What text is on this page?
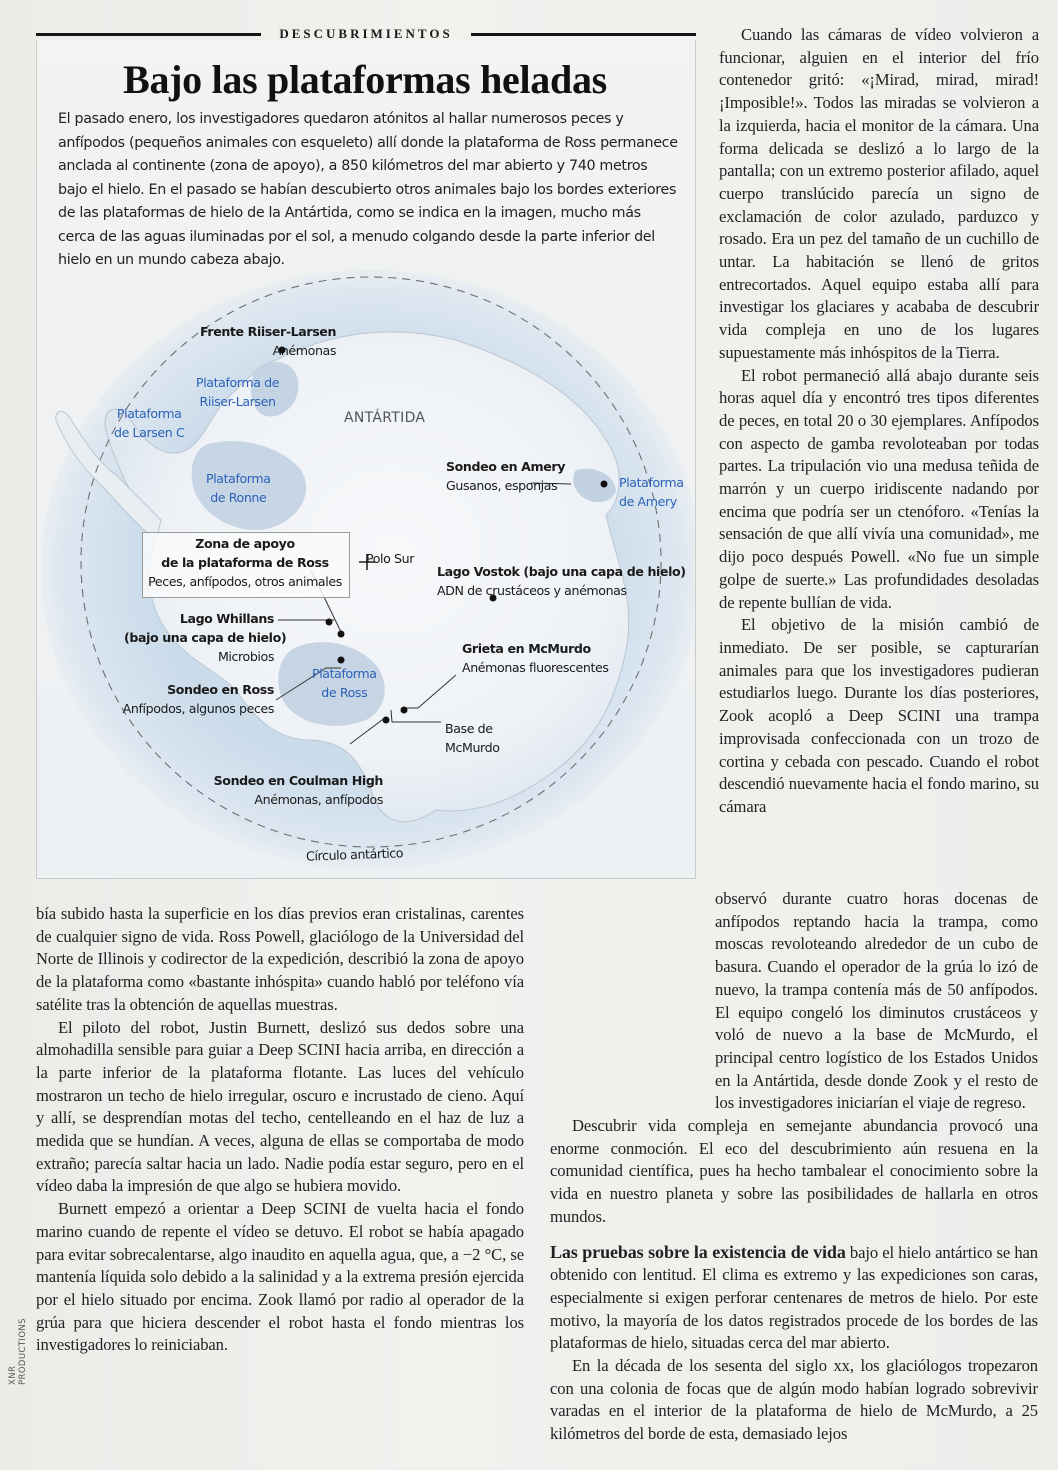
Cuando las cámaras de vídeo volvieron a funcionar, alguien en el interior del frío contenedor gritó: «¡Mirad, mirad, mirad! ¡Imposible!». Todos las miradas se volvieron a la izquierda, hacia el monitor de la cámara. Una forma delicada se deslizó a lo largo de la pantalla; con un extremo posterior afilado, aquel cuerpo translúcido parecía un signo de exclamación de color azulado, parduzco y rosado. Era un pez del tamaño de un cuchillo de untar. La habitación se llenó de gritos entrecortados. Aquel equipo estaba allí para investigar los glaciares y acababa de descubrir vida compleja en uno de los lugares supuestamente más inhóspitos de la Tierra.

El robot permaneció allá abajo durante seis horas aquel día y encontró tres tipos diferentes de peces, en total 20 o 30 ejemplares. Anfípodos con aspecto de gamba revoloteaban por todas partes. La tripulación vio una medusa teñida de marrón y un cuerpo iridiscente nadando por encima que podría ser un ctenóforo. «Tenías la sensación de que allí vivía una comunidad», me dijo poco después Powell. «No fue un simple golpe de suerte.» Las profundidades desoladas de repente bullían de vida.

El objetivo de la misión cambió de inmediato. De ser posible, se capturarían animales para que los investigadores pudieran estudiarlos luego. Durante los días posteriores, Zook acopló a Deep SCINI una trampa improvisada confeccionada con un trozo de cortina y cebada con pescado. Cuando el robot descendió nuevamente hacia el fondo marino, su cámara

DESCUBRIMIENTOS
Bajo las plataformas heladas
El pasado enero, los investigadores quedaron atónitos al hallar numerosos peces y anfípodos (pequeños animales con esqueleto) allí donde la plataforma de Ross permanece anclada al continente (zona de apoyo), a 850 kilómetros del mar abierto y 740 metros bajo el hielo. En el pasado se habían descubierto otros animales bajo los bordes exteriores de las plataformas de hielo de la Antártida, como se indica en la imagen, mucho más cerca de las aguas iluminadas por el sol, a menudo colgando desde la parte inferior del hielo en un mundo cabeza abajo.
Frente Riiser-Larsen
Anémonas
Plataforma de
Riiser-Larsen
Plataforma
de Larsen C
ANTÁRTIDA
Plataforma
de Ronne
Sondeo en Amery
Gusanos, esponjas	Plataforma
de Amery
Zona de apoyo
de la plataforma de Ross
Peces, anfípodos, otros animales
Polo Sur
Lago Vostok (bajo una capa de hielo)
ADN de crustáceos y anémonas
Lago Whillans
(bajo una capa de hielo)
Microbios
Grieta en McMurdo
Anémonas fluorescentes
Plataforma
de Ross
Sondeo en Ross
Anfípodos, algunos peces
Base de
McMurdo
Sondeo en Coulman High
Anémonas, anfípodos
Círculo antártico

bía subido hasta la superficie en los días previos eran cristalinas, carentes de cualquier signo de vida. Ross Powell, glaciólogo de la Universidad del Norte de Illinois y codirector de la expedición, describió la zona de apoyo de la plataforma como «bastante inhóspita» cuando habló por teléfono vía satélite tras la obtención de aquellas muestras.

El piloto del robot, Justin Burnett, deslizó sus dedos sobre una almohadilla sensible para guiar a Deep SCINI hacia arriba, en dirección a la parte inferior de la plataforma flotante. Las luces del vehículo mostraron un techo de hielo irregular, oscuro e incrustado de cieno. Aquí y allí, se desprendían motas del techo, centelleando en el haz de luz a medida que se hundían. A veces, alguna de ellas se comportaba de modo extraño; parecía saltar hacia un lado. Nadie podía estar seguro, pero en el vídeo daba la impresión de que algo se hubiera movido.

Burnett empezó a orientar a Deep SCINI de vuelta hacia el fondo marino cuando de repente el vídeo se detuvo. El robot se había apagado para evitar sobrecalentarse, algo inaudito en aquella agua, que, a −2 °C, se mantenía líquida solo debido a la salinidad y a la extrema presión ejercida por el hielo situado por encima. Zook llamó por radio al operador de la grúa para que hiciera descender el robot hasta el fondo mientras los investigadores lo reiniciaban.

observó durante cuatro horas docenas de anfípodos reptando hacia la trampa, como moscas revoloteando alrededor de un cubo de basura. Cuando el operador de la grúa lo izó de nuevo, la trampa contenía más de 50 anfípodos. El equipo congeló los diminutos crustáceos y voló de nuevo a la base de McMurdo, el principal centro logístico de los Estados Unidos en la Antártida, desde donde Zook y el resto de los investigadores iniciarían el viaje de regreso.

Descubrir vida compleja en semejante abundancia provocó una enorme conmoción. El eco del descubrimiento aún resuena en la comunidad científica, pues ha hecho tambalear el conocimiento sobre la vida en nuestro planeta y sobre las posibilidades de hallarla en otros mundos.

Las pruebas sobre la existencia de vida bajo el hielo antártico se han obtenido con lentitud. El clima es extremo y las expediciones son caras, especialmente si exigen perforar centenares de metros de hielo. Por este motivo, la mayoría de los datos registrados procede de los bordes de las plataformas de hielo, situadas cerca del mar abierto.

En la década de los sesenta del siglo xx, los glaciólogos tropezaron con una colonia de focas que de algún modo habían logrado sobrevivir varadas en el interior de la plataforma de hielo de McMurdo, a 25 kilómetros del borde de esta, demasiado lejos

XNR PRODUCTIONS
